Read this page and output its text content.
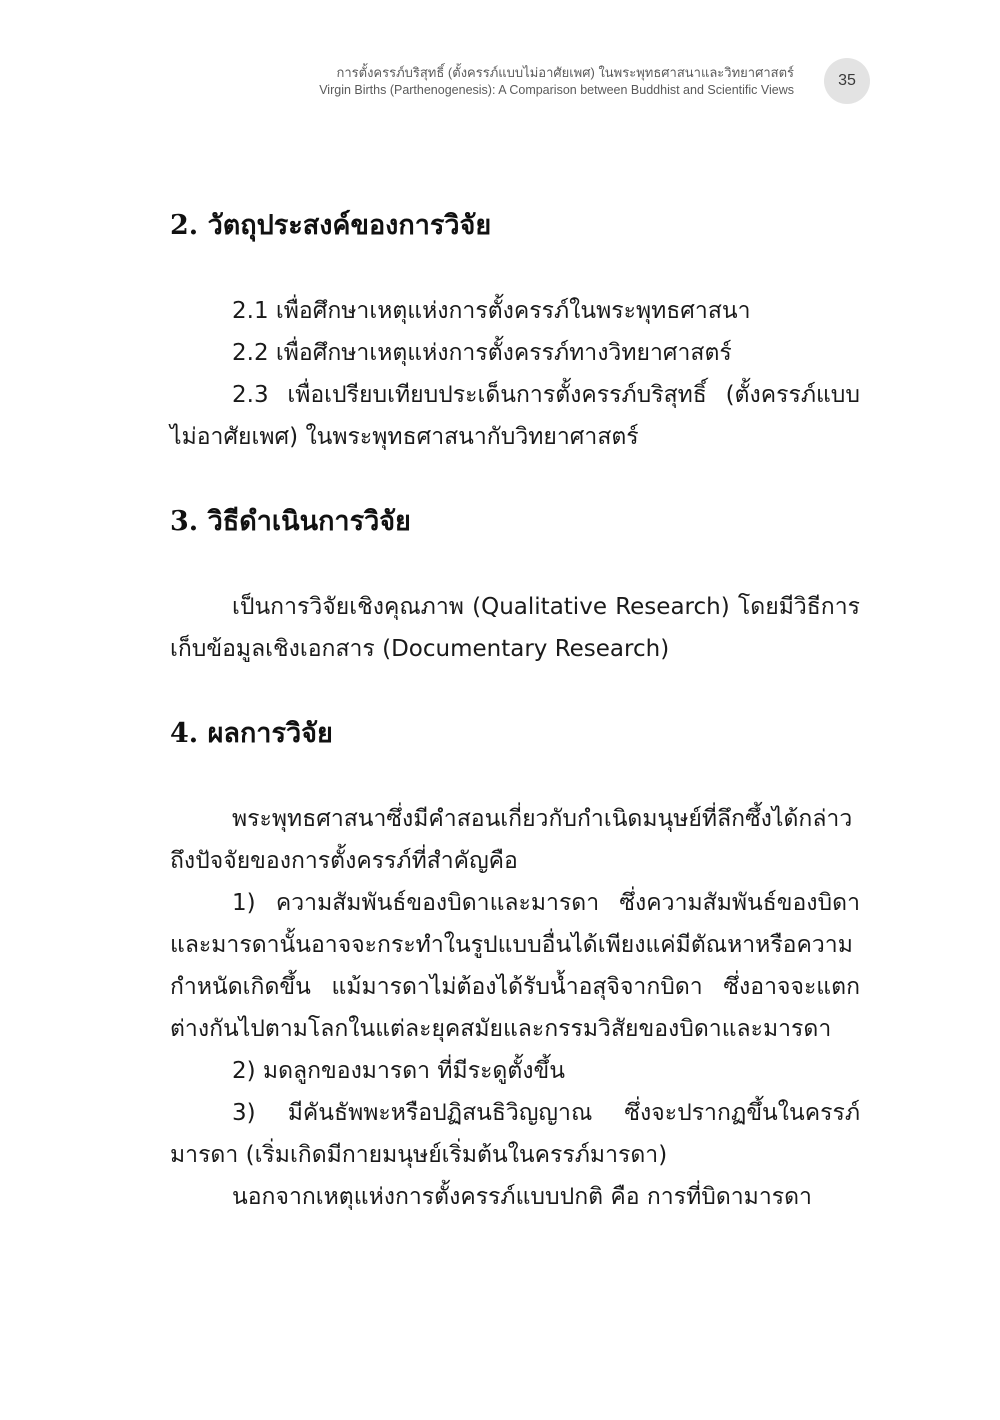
การตั้งครรภ์บริสุทธิ์ (ตั้งครรภ์แบบไม่อาศัยเพศ) ในพระพุทธศาสนาและวิทยาศาสตร์
Virgin Births (Parthenogenesis): A Comparison between Buddhist and Scientific Views
35
2. วัตถุประสงค์ของการวิจัย

2.1 เพื่อศึกษาเหตุแห่งการตั้งครรภ์ในพระพุทธศาสนา

2.2 เพื่อศึกษาเหตุแห่งการตั้งครรภ์ทางวิทยาศาสตร์

2.3 เพื่อเปรียบเทียบประเด็นการตั้งครรภ์บริสุทธิ์ (ตั้งครรภ์แบบไม่อาศัยเพศ) ในพระพุทธศาสนากับวิทยาศาสตร์

3. วิธีดำเนินการวิจัย

เป็นการวิจัยเชิงคุณภาพ (Qualitative Research) โดยมีวิธีการเก็บข้อมูลเชิงเอกสาร (Documentary Research)

4. ผลการวิจัย

พระพุทธศาสนาซึ่งมีคำสอนเกี่ยวกับกำเนิดมนุษย์ที่ลึกซึ้งได้กล่าวถึงปัจจัยของการตั้งครรภ์ที่สำคัญคือ

1) ความสัมพันธ์ของบิดาและมารดา ซึ่งความสัมพันธ์ของบิดาและมารดานั้นอาจจะกระทำในรูปแบบอื่นได้เพียงแค่มีตัณหาหรือความกำหนัดเกิดขึ้น แม้มารดาไม่ต้องได้รับน้ำอสุจิจากบิดา ซึ่งอาจจะแตกต่างกันไปตามโลกในแต่ละยุคสมัยและกรรมวิสัยของบิดาและมารดา

2) มดลูกของมารดา ที่มีระดูตั้งขึ้น

3) มีคันธัพพะหรือปฏิสนธิวิญญาณ ซึ่งจะปรากฏขึ้นในครรภ์มารดา (เริ่มเกิดมีกายมนุษย์เริ่มต้นในครรภ์มารดา)

นอกจากเหตุแห่งการตั้งครรภ์แบบปกติ คือ การที่บิดามารดา
